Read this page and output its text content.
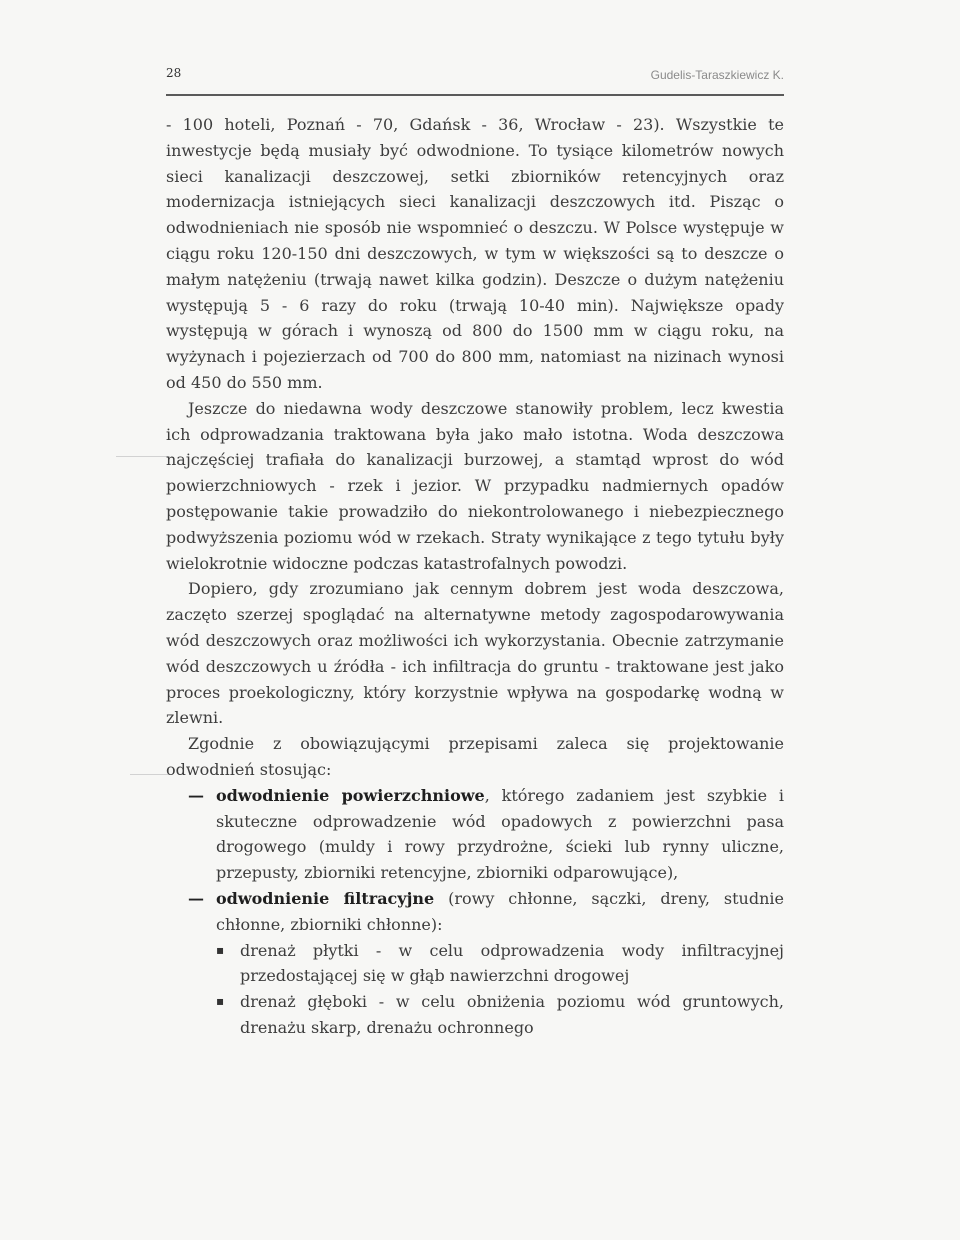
28	Gudelis-Taraszkiewicz K.

- 100 hoteli, Poznań - 70, Gdańsk - 36, Wrocław - 23). Wszystkie te inwestycje będą musiały być odwodnione. To tysiące kilometrów nowych sieci kanalizacji deszczowej, setki zbiorników retencyjnych oraz modernizacja istniejących sieci kanalizacji deszczowych itd. Pisząc o odwodnieniach nie sposób nie wspomnieć o deszczu. W Polsce występuje w ciągu roku 120-150 dni deszczowych, w tym w większości są to deszcze o małym natężeniu (trwają nawet kilka godzin). Deszcze o dużym natężeniu występują 5 - 6 razy do roku (trwają 10-40 min). Największe opady występują w górach i wynoszą od 800 do 1500 mm w ciągu roku, na wyżynach i pojezierzach od 700 do 800 mm, natomiast na nizinach wynosi od 450 do 550 mm.

Jeszcze do niedawna wody deszczowe stanowiły problem, lecz kwestia ich odprowadzania traktowana była jako mało istotna. Woda deszczowa najczęściej trafiała do kanalizacji burzowej, a stamtąd wprost do wód powierzchniowych - rzek i jezior. W przypadku nadmiernych opadów postępowanie takie prowadziło do niekontrolowanego i niebezpiecznego podwyższenia poziomu wód w rzekach. Straty wynikające z tego tytułu były wielokrotnie widoczne podczas katastrofalnych powodzi.

Dopiero, gdy zrozumiano jak cennym dobrem jest woda deszczowa, zaczęto szerzej spoglądać na alternatywne metody zagospodarowywania wód deszczowych oraz możliwości ich wykorzystania. Obecnie zatrzymanie wód deszczowych u źródła - ich infiltracja do gruntu - traktowane jest jako proces proekologiczny, który korzystnie wpływa na gospodarkę wodną w zlewni.

Zgodnie z obowiązującymi przepisami zaleca się projektowanie odwodnień stosując:

— odwodnienie powierzchniowe, którego zadaniem jest szybkie i skuteczne odprowadzenie wód opadowych z powierzchni pasa drogowego (muldy i rowy przydrożne, ścieki lub rynny uliczne, przepusty, zbiorniki retencyjne, zbiorniki odparowujące),
— odwodnienie filtracyjne (rowy chłonne, sączki, dreny, studnie chłonne, zbiorniki chłonne):
▪ drenaż płytki - w celu odprowadzenia wody infiltracyjnej przedostającej się w głąb nawierzchni drogowej
▪ drenaż głęboki - w celu obniżenia poziomu wód gruntowych, drenażu skarp, drenażu ochronnego
